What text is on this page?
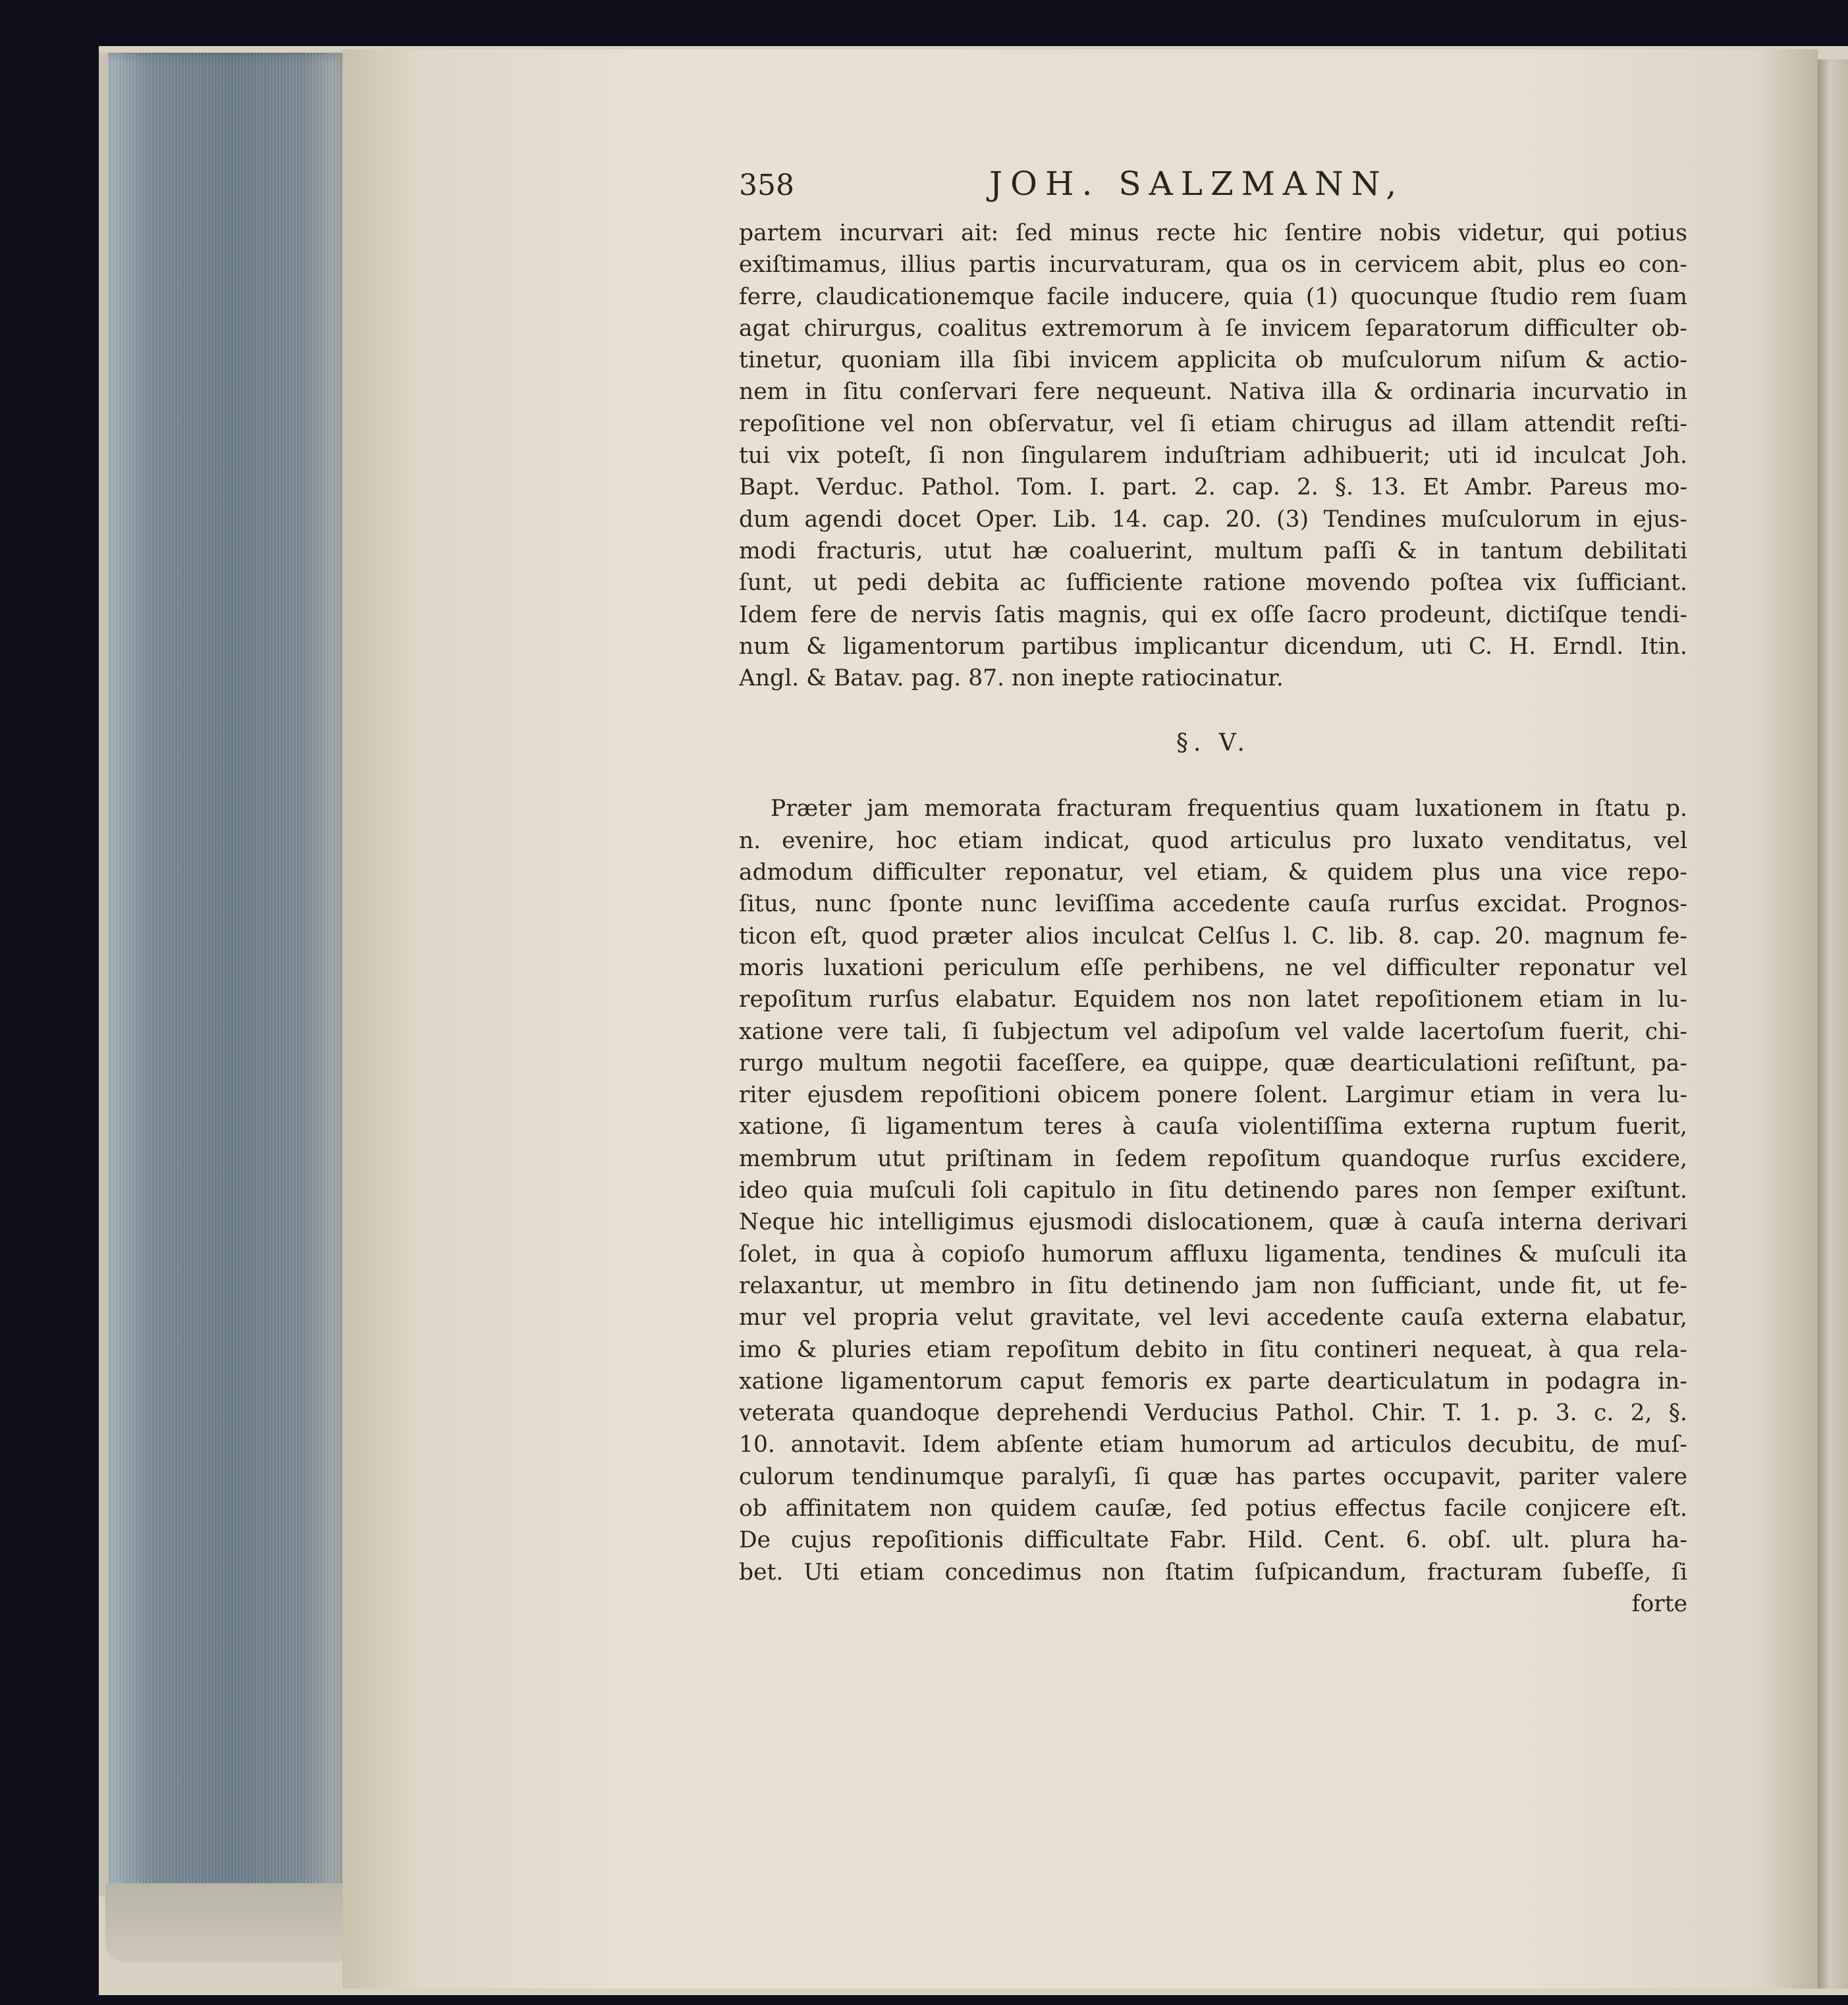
358	JOH. SALZMANN,
partem incurvari ait: ſed minus recte hic ſentire nobis videtur, qui potius
exiſtimamus, illius partis incurvaturam, qua os in cervicem abit, plus eo con-
ferre, claudicationemque facile inducere, quia (1) quocunque ſtudio rem ſuam
agat chirurgus, coalitus extremorum à ſe invicem ſeparatorum difficulter ob-
tinetur, quoniam illa ſibi invicem applicita ob muſculorum niſum & actio-
nem in ſitu conſervari fere nequeunt. Nativa illa & ordinaria incurvatio in
repoſitione vel non obſervatur, vel ſi etiam chirugus ad illam attendit reſti-
tui vix poteſt, ſi non ſingularem induſtriam adhibuerit; uti id inculcat Joh.
Bapt. Verduc. Pathol. Tom. I. part. 2. cap. 2. §. 13. Et Ambr. Pareus mo-
dum agendi docet Oper. Lib. 14. cap. 20. (3) Tendines muſculorum in ejus-
modi fracturis, utut hæ coaluerint, multum paſſi & in tantum debilitati
ſunt, ut pedi debita ac ſufficiente ratione movendo poſtea vix ſufficiant.
Idem fere de nervis ſatis magnis, qui ex oſſe ſacro prodeunt, dictiſque tendi-
num & ligamentorum partibus implicantur dicendum, uti C. H. Erndl. Itin.
Angl. & Batav. pag. 87. non inepte ratiocinatur.
§. V.
Præter jam memorata fracturam frequentius quam luxationem in ſtatu p.
n. evenire, hoc etiam indicat, quod articulus pro luxato venditatus, vel
admodum difficulter reponatur, vel etiam, & quidem plus una vice repo-
ſitus, nunc ſponte nunc leviſſima accedente cauſa rurſus excidat. Prognos-
ticon eſt, quod præter alios inculcat Celſus l. C. lib. 8. cap. 20. magnum fe-
moris luxationi periculum eſſe perhibens, ne vel difficulter reponatur vel
repoſitum rurſus elabatur. Equidem nos non latet repoſitionem etiam in lu-
xatione vere tali, ſi ſubjectum vel adipoſum vel valde lacertoſum fuerit, chi-
rurgo multum negotii faceſſere, ea quippe, quæ dearticulationi reſiſtunt, pa-
riter ejusdem repoſitioni obicem ponere ſolent. Largimur etiam in vera lu-
xatione, ſi ligamentum teres à cauſa violentiſſima externa ruptum fuerit,
membrum utut priſtinam in ſedem repoſitum quandoque rurſus excidere,
ideo quia muſculi ſoli capitulo in ſitu detinendo pares non ſemper exiſtunt.
Neque hic intelligimus ejusmodi dislocationem, quæ à cauſa interna derivari
ſolet, in qua à copioſo humorum affluxu ligamenta, tendines & muſculi ita
relaxantur, ut membro in ſitu detinendo jam non ſufficiant, unde fit, ut fe-
mur vel propria velut gravitate, vel levi accedente cauſa externa elabatur,
imo & pluries etiam repoſitum debito in ſitu contineri nequeat, à qua rela-
xatione ligamentorum caput femoris ex parte dearticulatum in podagra in-
veterata quandoque deprehendi Verducius Pathol. Chir. T. 1. p. 3. c. 2, §.
10. annotavit. Idem abſente etiam humorum ad articulos decubitu, de muſ-
culorum tendinumque paralyſi, ſi quæ has partes occupavit, pariter valere
ob affinitatem non quidem cauſæ, ſed potius effectus facile conjicere eſt.
De cujus repoſitionis difficultate Fabr. Hild. Cent. 6. obſ. ult. plura ha-
bet. Uti etiam concedimus non ſtatim ſuſpicandum, fracturam ſubeſſe, ſi
forte
